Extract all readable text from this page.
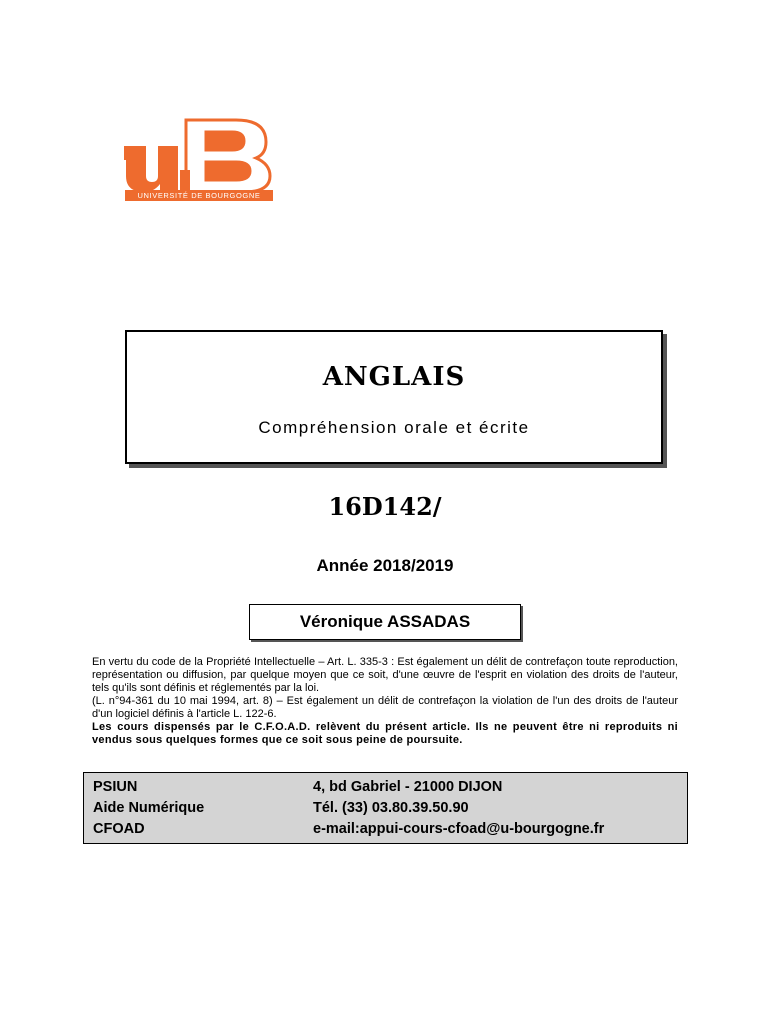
UNIVERSITÉ DE BOURGOGNE
ANGLAIS
Compréhension orale et écrite
16D142/
Année 2018/2019
Véronique ASSADAS

En vertu du code de la Propriété Intellectuelle – Art. L. 335-3 : Est également un délit de contrefaçon toute reproduction, représentation ou diffusion, par quelque moyen que ce soit, d'une œuvre de l'esprit en violation des droits de l'auteur, tels qu'ils sont définis et réglementés par la loi.

(L. n°94-361 du 10 mai 1994, art. 8) – Est également un délit de contrefaçon la violation de l'un des droits de l'auteur d'un logiciel définis à l'article L. 122-6.

Les cours dispensés par le C.F.O.A.D. relèvent du présent article. Ils ne peuvent être ni reproduits ni vendus sous quelques formes que ce soit sous peine de poursuite.

PSIUN	4, bd Gabriel - 21000 DIJON
Aide Numérique	Tél. (33) 03.80.39.50.90
CFOAD	e-mail:appui-cours-cfoad@u-bourgogne.fr
